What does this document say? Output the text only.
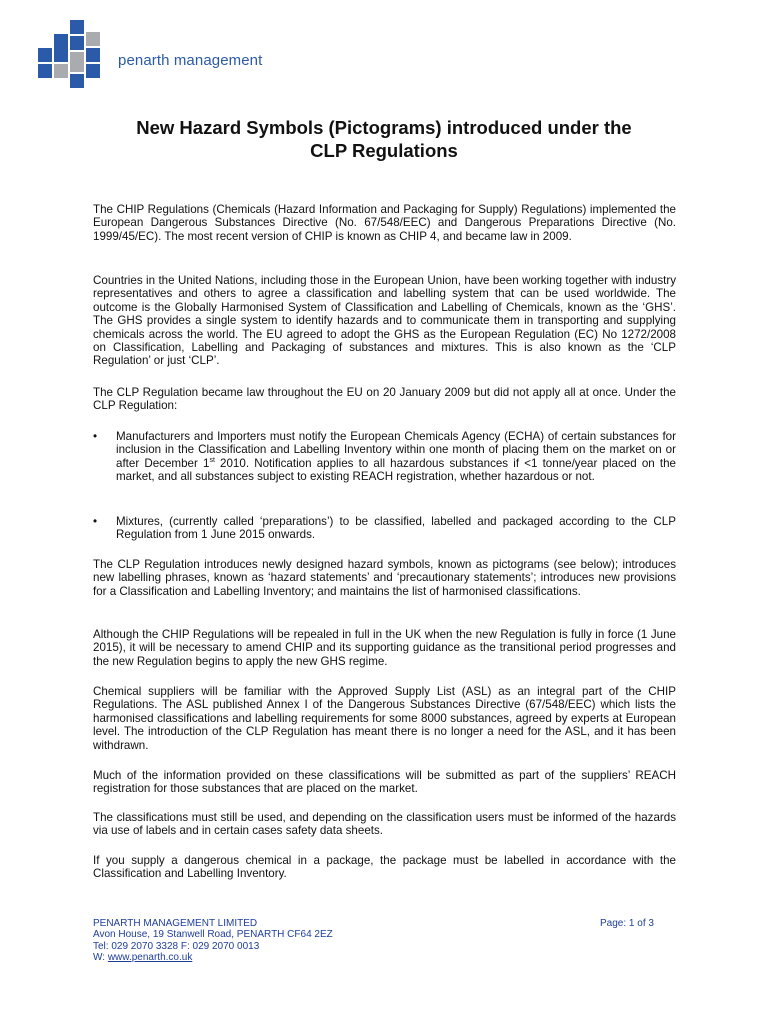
penarth management
New Hazard Symbols (Pictograms) introduced under the
CLP Regulations

The CHIP Regulations (Chemicals (Hazard Information and Packaging for Supply) Regulations) implemented the European Dangerous Substances Directive (No. 67/548/EEC) and Dangerous Preparations Directive (No. 1999/45/EC). The most recent version of CHIP is known as CHIP 4, and became law in 2009.

Countries in the United Nations, including those in the European Union, have been working together with industry representatives and others to agree a classification and labelling system that can be used worldwide. The outcome is the Globally Harmonised System of Classification and Labelling of Chemicals, known as the ‘GHS’. The GHS provides a single system to identify hazards and to communicate them in transporting and supplying chemicals across the world. The EU agreed to adopt the GHS as the European Regulation (EC) No 1272/2008 on Classification, Labelling and Packaging of substances and mixtures. This is also known as the ‘CLP Regulation’ or just ‘CLP’.

The CLP Regulation became law throughout the EU on 20 January 2009 but did not apply all at once. Under the CLP Regulation:

•	Manufacturers and Importers must notify the European Chemicals Agency (ECHA) of certain substances for inclusion in the Classification and Labelling Inventory within one month of placing them on the market on or after December 1st 2010. Notification applies to all hazardous substances if <1 tonne/year placed on the market, and all substances subject to existing REACH registration, whether hazardous or not.
•	Mixtures, (currently called ‘preparations’) to be classified, labelled and packaged according to the CLP Regulation from 1 June 2015 onwards.

The CLP Regulation introduces newly designed hazard symbols, known as pictograms (see below); introduces new labelling phrases, known as ‘hazard statements’ and ‘precautionary statements’; introduces new provisions for a Classification and Labelling Inventory; and maintains the list of harmonised classifications.

Although the CHIP Regulations will be repealed in full in the UK when the new Regulation is fully in force (1 June 2015), it will be necessary to amend CHIP and its supporting guidance as the transitional period progresses and the new Regulation begins to apply the new GHS regime.

Chemical suppliers will be familiar with the Approved Supply List (ASL) as an integral part of the CHIP Regulations. The ASL published Annex I of the Dangerous Substances Directive (67/548/EEC) which lists the harmonised classifications and labelling requirements for some 8000 substances, agreed by experts at European level. The introduction of the CLP Regulation has meant there is no longer a need for the ASL, and it has been withdrawn.

Much of the information provided on these classifications will be submitted as part of the suppliers’ REACH registration for those substances that are placed on the market.

The classifications must still be used, and depending on the classification users must be informed of the hazards via use of labels and in certain cases safety data sheets.

If you supply a dangerous chemical in a package, the package must be labelled in accordance with the Classification and Labelling Inventory.

PENARTH MANAGEMENT LIMITED
Avon House, 19 Stanwell Road, PENARTH CF64 2EZ
Tel: 029 2070 3328 F: 029 2070 0013
W: www.penarth.co.uk
Page: 1 of 3
